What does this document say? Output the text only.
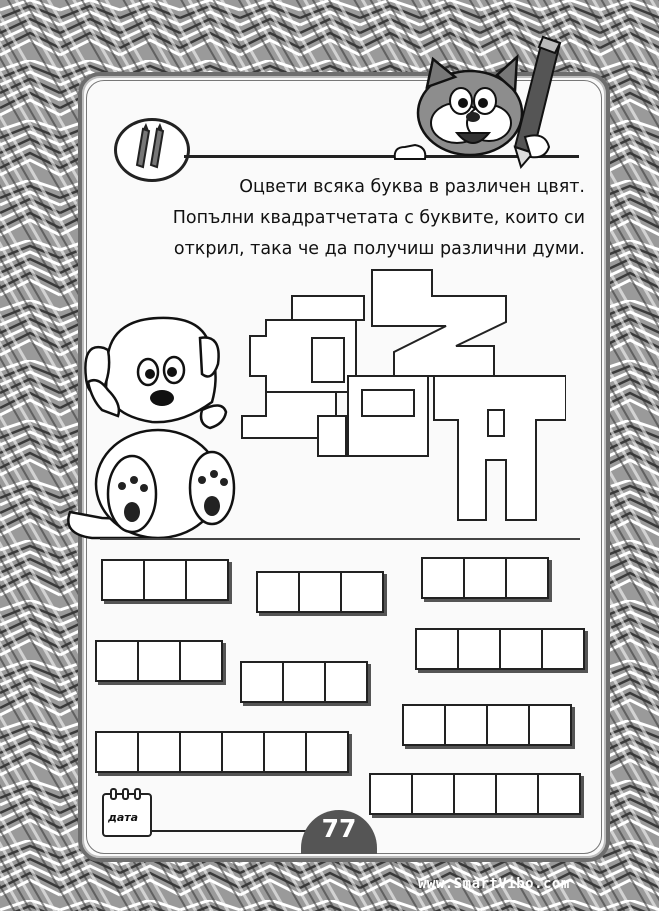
Оцвети всяка буква в различен цвят.
Попълни квадратчетата с буквите, които си
открил, така че да получиш различни думи.
дата	77
www.SmartVibo.com
